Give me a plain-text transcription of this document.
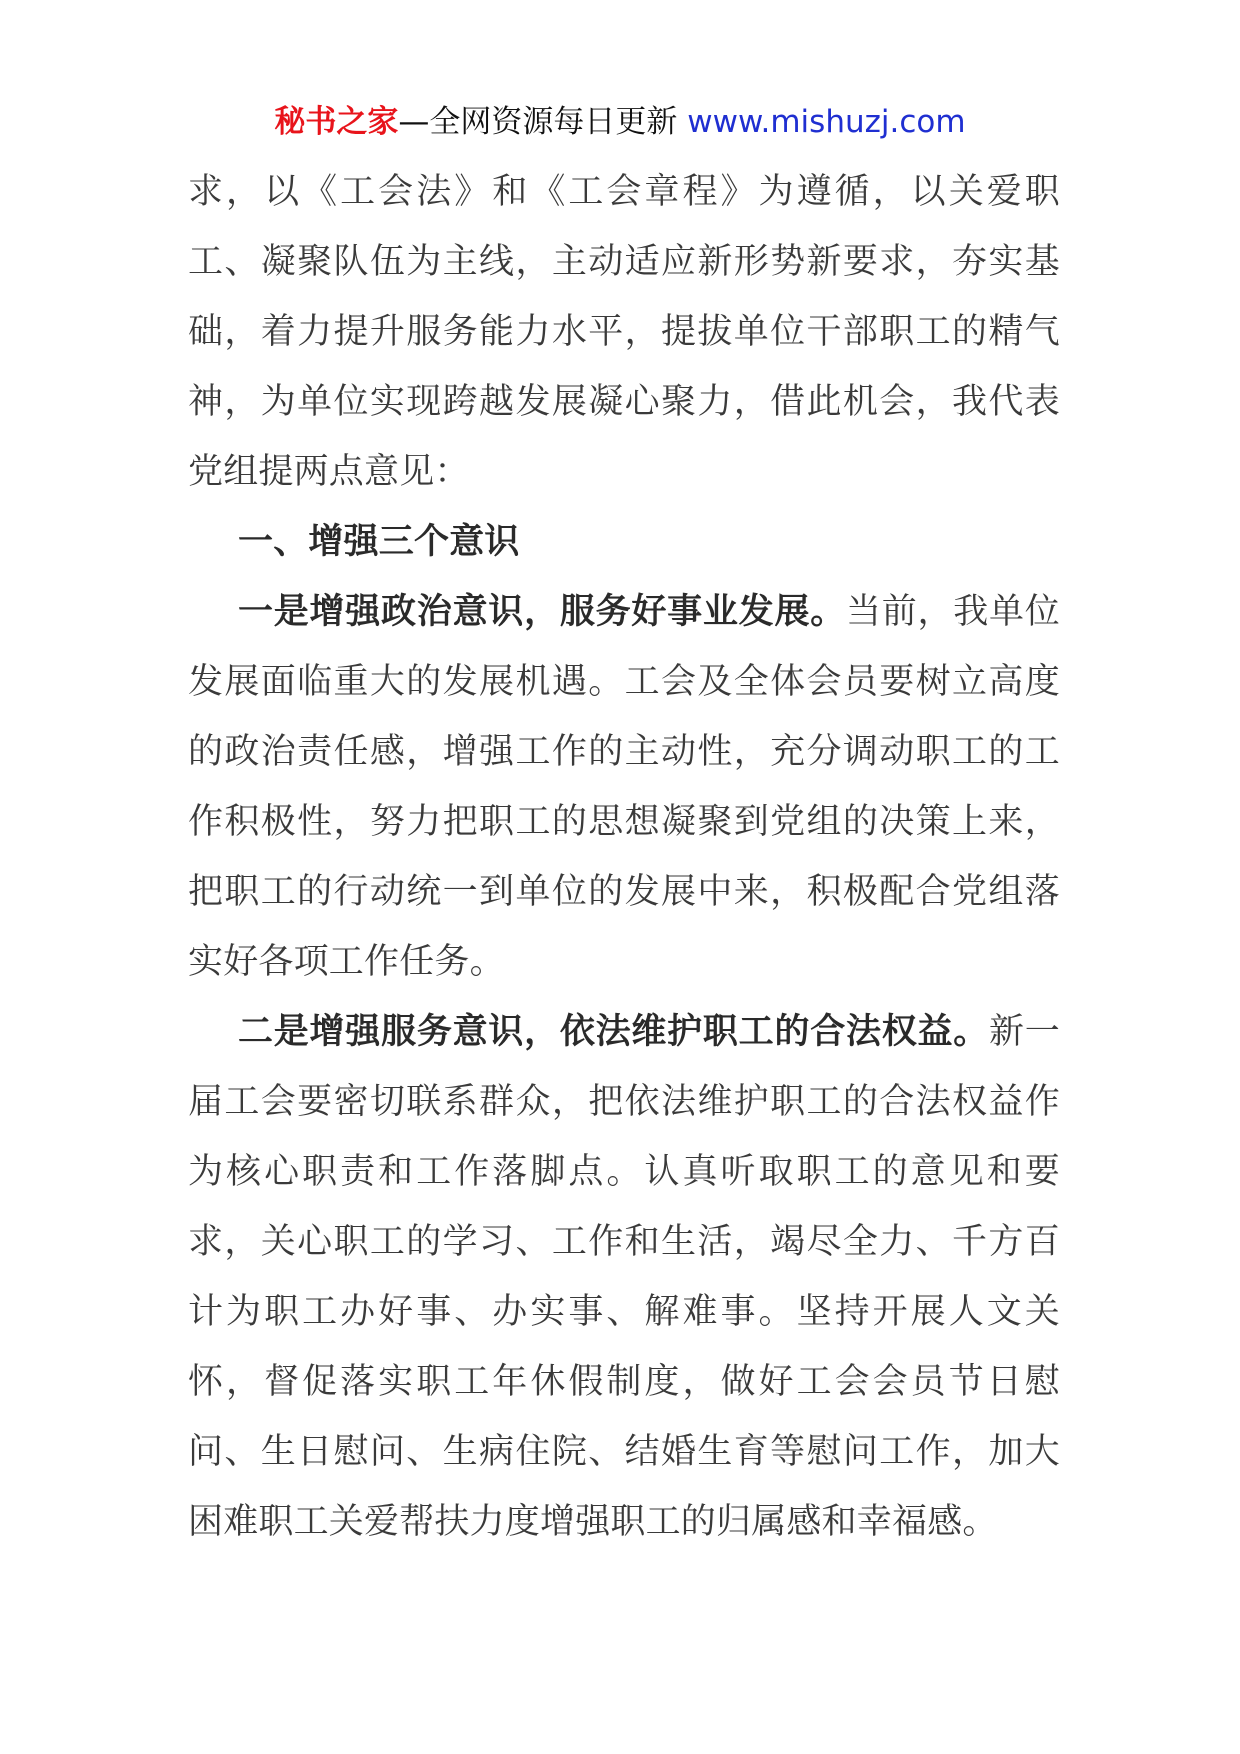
秘书之家—全网资源每日更新 www.mishuzj.com

求，以《工会法》和《工会章程》为遵循，以关爱职工、凝聚队伍为主线，主动适应新形势新要求，夯实基础，着力提升服务能力水平，提拔单位干部职工的精气神，为单位实现跨越发展凝心聚力，借此机会，我代表党组提两点意见：

一、增强三个意识

一是增强政治意识，服务好事业发展。当前，我单位发展面临重大的发展机遇。工会及全体会员要树立高度的政治责任感，增强工作的主动性，充分调动职工的工作积极性，努力把职工的思想凝聚到党组的决策上来，把职工的行动统一到单位的发展中来，积极配合党组落实好各项工作任务。

二是增强服务意识，依法维护职工的合法权益。新一届工会要密切联系群众，把依法维护职工的合法权益作为核心职责和工作落脚点。认真听取职工的意见和要求，关心职工的学习、工作和生活，竭尽全力、千方百计为职工办好事、办实事、解难事。坚持开展人文关怀，督促落实职工年休假制度，做好工会会员节日慰问、生日慰问、生病住院、结婚生育等慰问工作，加大困难职工关爱帮扶力度增强职工的归属感和幸福感。
